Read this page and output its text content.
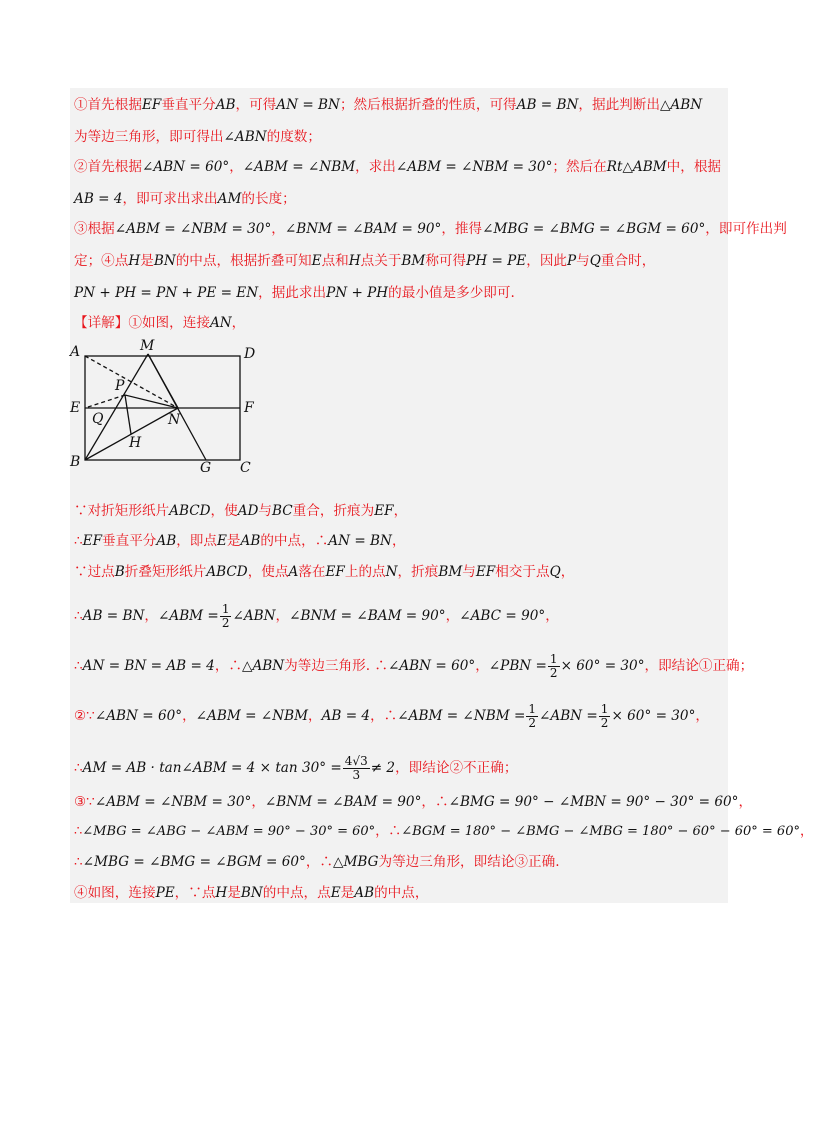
①首先根据EF垂直平分AB，可得AN = BN；然后根据折叠的性质，可得AB = BN，据此判断出△ABN
为等边三角形，即可得出∠ABN的度数；
②首先根据∠ABN = 60°，∠ABM = ∠NBM，求出∠ABM = ∠NBM = 30°；然后在Rt△ABM中，根据
AB = 4，即可求出求出AM的长度；
③根据∠ABM = ∠NBM = 30°，∠BNM = ∠BAM = 90°，推得∠MBG = ∠BMG = ∠BGM = 60°，即可作出判
定；④点H是BN的中点，根据折叠可知E点和H点关于BM称可得PH = PE，因此P与Q重合时，
PN + PH = PN + PE = EN，据此求出PN + PH的最小值是多少即可.
【详解】①如图，连接AN，
A	M	D
P
E	F
Q	N
H
B	G C
∵对折矩形纸片ABCD，使AD与BC重合，折痕为EF，
∴EF垂直平分AB，即点E是AB的中点，∴AN = BN，
∵过点B折叠矩形纸片ABCD，使点A落在EF上的点N，折痕BM与EF相交于点Q，
∴AB = BN，∠ABM = $\frac{1}{2}$ ∠ABN，∠BNM = ∠BAM = 90°，∠ABC = 90°，
∴AN = BN = AB = 4，∴△ABN为等边三角形. ∴∠ABN = 60°，∠PBN = $\frac{1}{2} \times 60^\circ = 30^\circ$，即结论①正确；
②∵∠ABN = 60°，∠ABM = ∠NBM，AB = 4，∴∠ABM = ∠NBM = $\frac{1}{2}$ ∠ABN = $\frac{1}{2} \times 60^\circ = 30^\circ$，
∴AM = AB · tan∠ABM = $4 \times \tan 30^\circ = \frac{4√3}{3} \ne 2$，即结论②不正确；
③∵∠ABM = ∠NBM = 30°，∠BNM = ∠BAM = 90°，∴∠BMG = 90° − ∠MBN = 90° − 30° = 60°，
∴∠MBG = ∠ABG − ∠ABM = 90° − 30° = 60°，∴∠BGM = 180° − ∠BMG − ∠MBG = 180° − 60° − 60° = 60°，
∴∠MBG = ∠BMG = ∠BGM = 60°，∴△MBG为等边三角形，即结论③正确.
④如图，连接PE，∵点H是BN的中点，点E是AB的中点，
